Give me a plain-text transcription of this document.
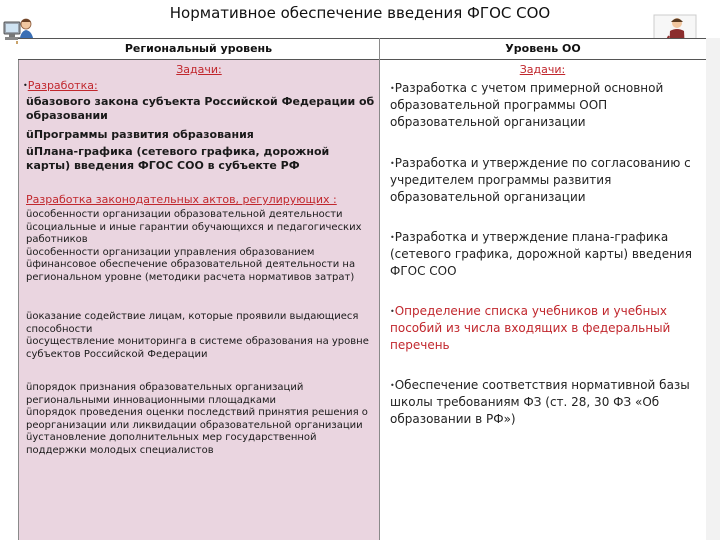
Нормативное обеспечение введения ФГОС СОО
Региональный уровень	Уровень ОО
Задачи:
•Разработка:
üбазового закона субъекта Российской Федерации об образовании
üПрограммы развития образования
üПлана-графика (сетевого графика, дорожной карты) введения ФГОС СОО в субъекте РФ
Разработка законодательных актов, регулирующих :
üособенности организации образовательной деятельности
üсоциальные и иные гарантии обучающихся и педагогических работников
üособенности организации управления образованием
üфинансовое обеспечение образовательной деятельности на региональном уровне (методики расчета нормативов затрат)
üоказание содействие лицам, которые проявили выдающиеся способности
üосуществление мониторинга в системе образования на уровне субъектов Российской Федерации
üпорядок признания образовательных организаций региональными инновационными площадками
üпорядок проведения оценки последствий принятия решения о реорганизации или ликвидации образовательной организации
üустановление дополнительных мер государственной поддержки молодых специалистов
Задачи:
•Разработка с учетом примерной основной образовательной программы ООП образовательной организации
•Разработка и утверждение по согласованию с учредителем программы развития образовательной организации
•Разработка и утверждение плана-графика (сетевого графика, дорожной карты) введения ФГОС СОО
•Определение списка учебников и учебных пособий из числа входящих в федеральный перечень
•Обеспечение соответствия нормативной базы школы требованиям ФЗ (ст. 28, 30 ФЗ «Об образовании в РФ»)
